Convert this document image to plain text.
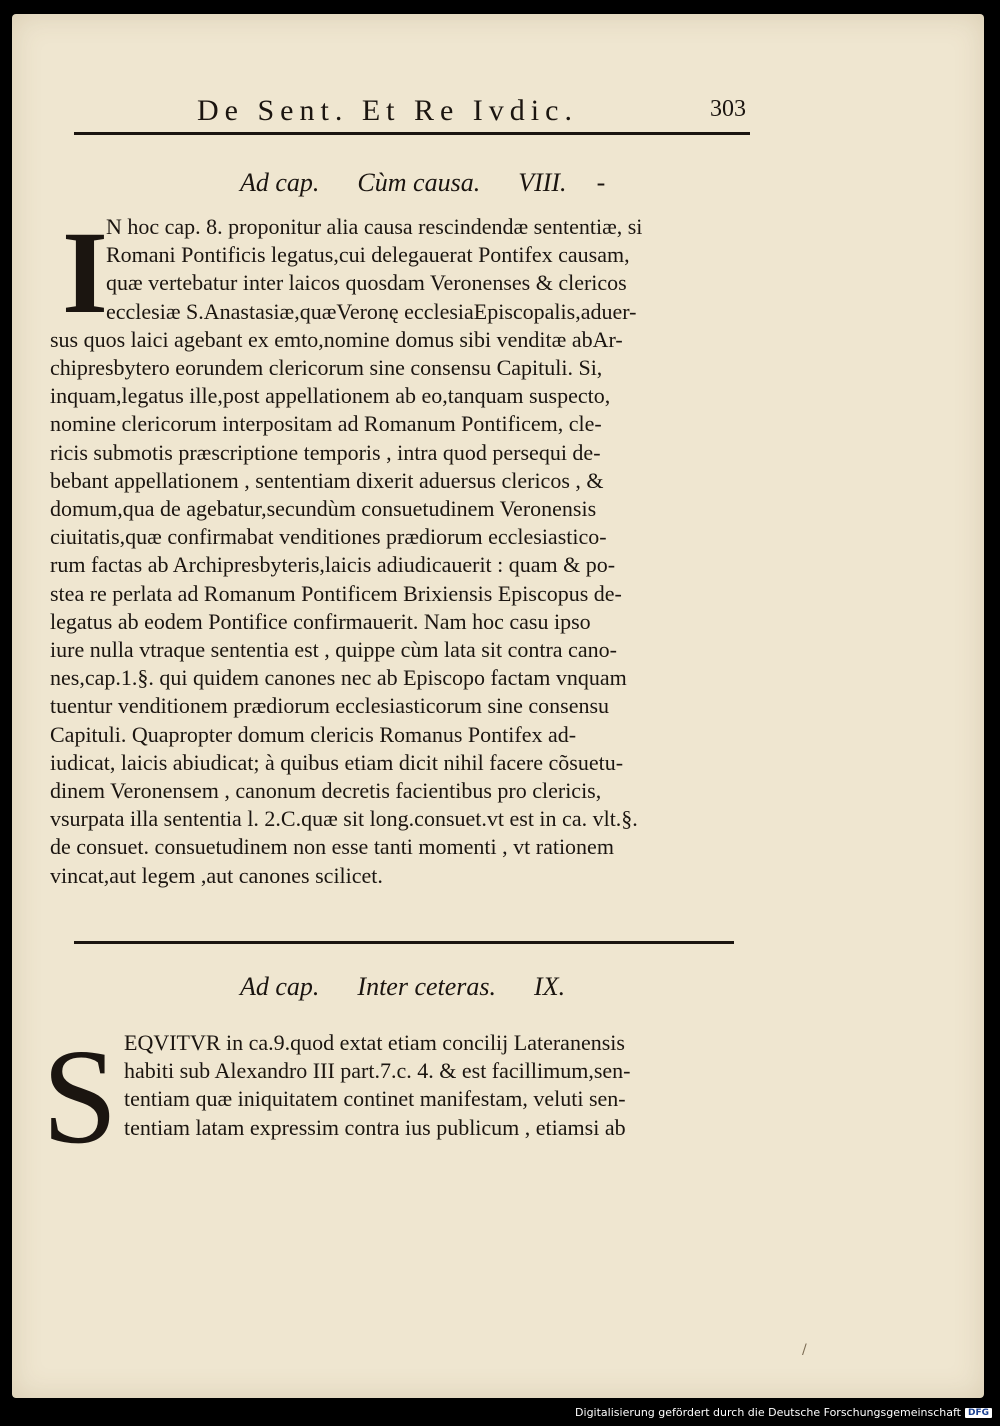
De Sent. Et Re Ivdic.	303
Ad cap. Cùm causa. VIII. -
I
N hoc cap. 8. proponitur alia causa rescindendæ sententiæ, si
Romani Pontificis legatus,cui delegauerat Pontifex causam,
quæ vertebatur inter laicos quosdam Veronenses & clericos
ecclesiæ S.Anastasiæ,quæVeronę ecclesiaEpiscopalis,aduer-
sus quos laici agebant ex emto,nomine domus sibi venditæ abAr-
chipresbytero eorundem clericorum sine consensu Capituli. Si,
inquam,legatus ille,post appellationem ab eo,tanquam suspecto,
nomine clericorum interpositam ad Romanum Pontificem, cle-
ricis submotis præscriptione temporis , intra quod persequi de-
bebant appellationem , sententiam dixerit aduersus clericos , &
domum,qua de agebatur,secundùm consuetudinem Veronensis
ciuitatis,quæ confirmabat venditiones prædiorum ecclesiastico-
rum factas ab Archipresbyteris,laicis adiudicauerit : quam & po-
stea re perlata ad Romanum Pontificem Brixiensis Episcopus de-
legatus ab eodem Pontifice confirmauerit. Nam hoc casu ipso
iure nulla vtraque sententia est , quippe cùm lata sit contra cano-
nes,cap.1.§. qui quidem canones nec ab Episcopo factam vnquam
tuentur venditionem prædiorum ecclesiasticorum sine consensu
Capituli. Quapropter domum clericis Romanus Pontifex ad-
iudicat, laicis abiudicat; à quibus etiam dicit nihil facere cõsuetu-
dinem Veronensem , canonum decretis facientibus pro clericis,
vsurpata illa sententia l. 2.C.quæ sit long.consuet.vt est in ca. vlt.§.
de consuet. consuetudinem non esse tanti momenti , vt rationem
vincat,aut legem ,aut canones scilicet.
Ad cap. Inter ceteras. IX.
S EQVITVR in ca.9.quod extat etiam concilij Lateranensis
habiti sub Alexandro III part.7.c. 4. & est facillimum,sen-
tentiam quæ iniquitatem continet manifestam, veluti sen-
tentiam latam expressim contra ius publicum , etiamsi ab
/
Digitalisierung gefördert durch die Deutsche Forschungsgemeinschaft DFG
